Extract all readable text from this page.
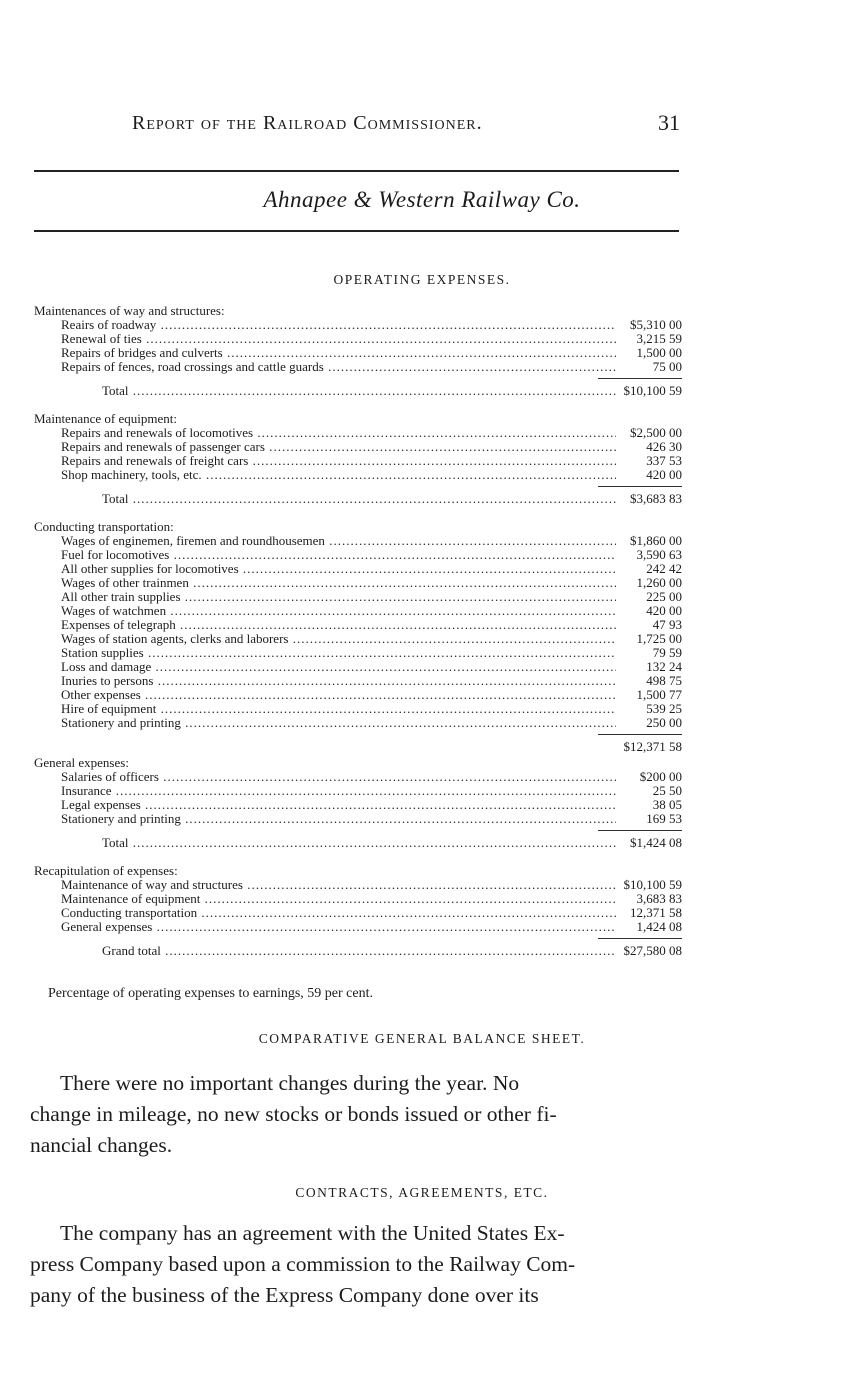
Report of the Railroad Commissioner.	31
Ahnapee & Western Railway Co.
OPERATING EXPENSES.
Maintenances of way and structures:
Reairs of roadway .....	$5,310 00
Renewal of ties .....	3,215 59
Repairs of bridges and culverts .....	1,500 00
Repairs of fences, road crossings and cattle guards .....	75 00
Total .....	$10,100 59
Maintenance of equipment:
Repairs and renewals of locomotives .....	$2,500 00
Repairs and renewals of passenger cars .....	426 30
Repairs and renewals of freight cars .....	337 53
Shop machinery, tools, etc. .....	420 00
Total .....	$3,683 83
Conducting transportation:
Wages of enginemen, firemen and roundhousemen .....	$1,860 00
Fuel for locomotives .....	3,590 63
All other supplies for locomotives .....	242 42
Wages of other trainmen .....	1,260 00
All other train supplies .....	225 00
Wages of watchmen .....	420 00
Expenses of telegraph .....	47 93
Wages of station agents, clerks and laborers .....	1,725 00
Station supplies .....	79 59
Loss and damage .....	132 24
Inuries to persons .....	498 75
Other expenses .....	1,500 77
Hire of equipment .....	539 25
Stationery and printing .....	250 00
$12,371 58
General expenses:
Salaries of officers .....	$200 00
Insurance .....	25 50
Legal expenses .....	38 05
Stationery and printing .....	169 53
Total .....	$1,424 08
Recapitulation of expenses:
Maintenance of way and structures .....	$10,100 59
Maintenance of equipment .....	3,683 83
Conducting transportation .....	12,371 58
General expenses .....	1,424 08
Grand total .....	$27,580 08
Percentage of operating expenses to earnings, 59 per cent.
COMPARATIVE GENERAL BALANCE SHEET.
There were no important changes during the year. No
change in mileage, no new stocks or bonds issued or other fi-
nancial changes.
CONTRACTS, AGREEMENTS, ETC.
The company has an agreement with the United States Ex-
press Company based upon a commission to the Railway Com-
pany of the business of the Express Company done over its
